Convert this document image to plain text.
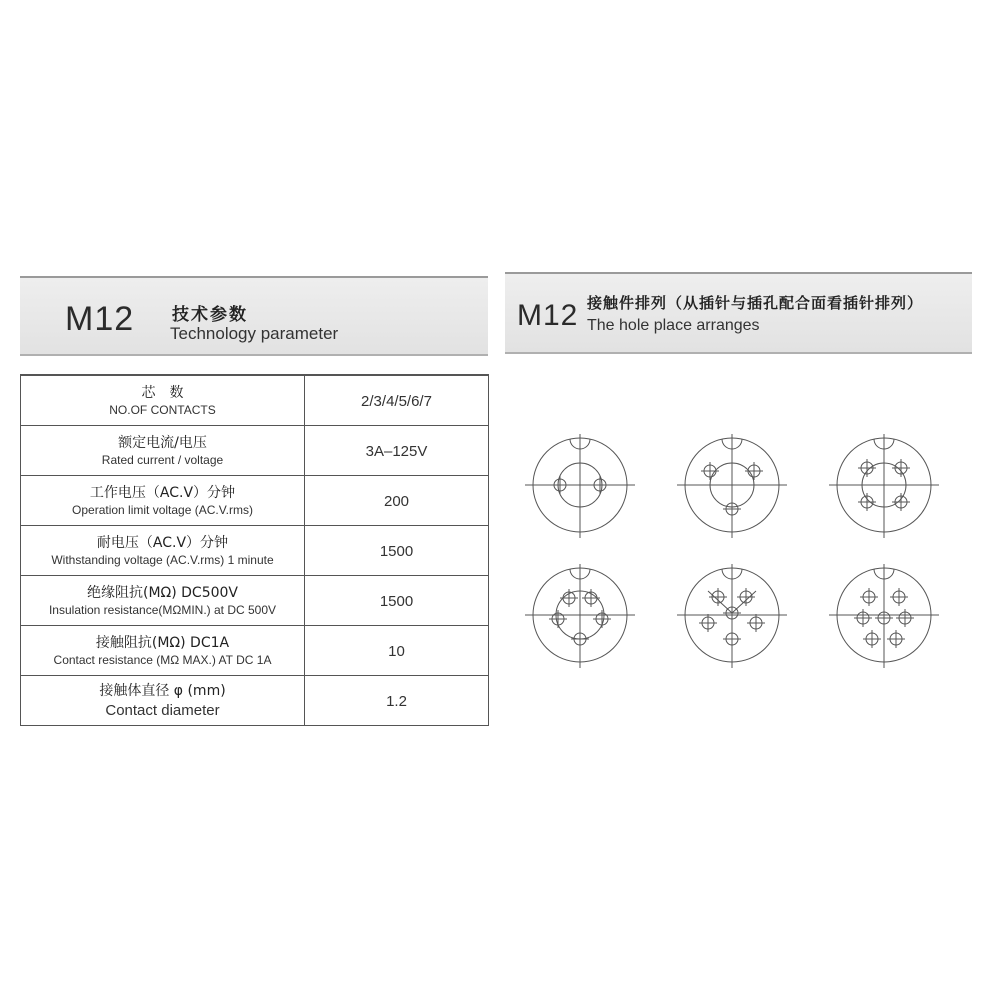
M12 技术参数
Technology parameter
M12 接触件排列（从插针与插孔配合面看插针排列）
The hole place arranges
芯　数
NO.OF CONTACTS	2/3/4/5/6/7

额定电流/电压
Rated current / voltage	3A–125V

工作电压（AC.V）分钟
Operation limit voltage (AC.V.rms)	200

耐电压（AC.V）分钟
Withstanding voltage (AC.V.rms) 1 minute	1500

绝缘阻抗(MΩ) DC500V
Insulation resistance(MΩMIN.) at DC 500V	1500

接触阻抗(MΩ) DC1A
Contact resistance (MΩ MAX.) AT DC 1A	10

接触体直径 φ (mm)
Contact diameter	1.2
